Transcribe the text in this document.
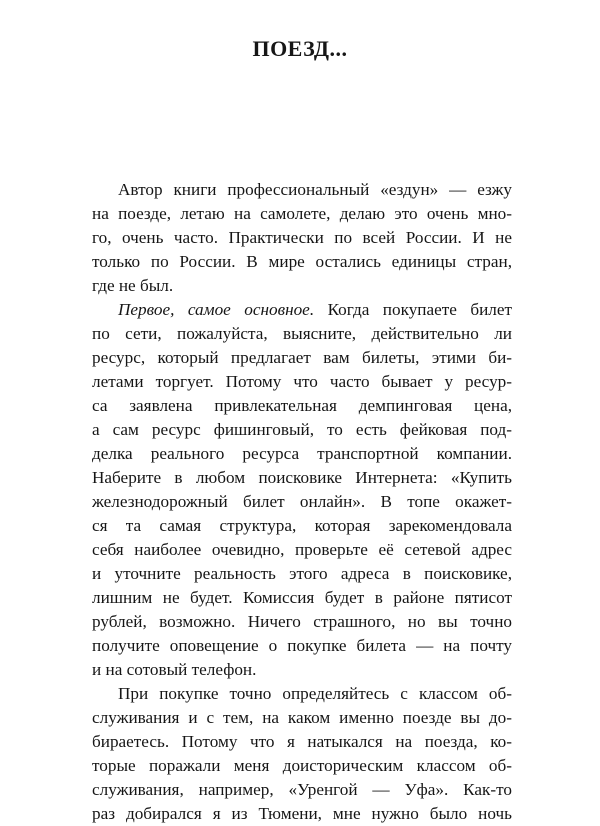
ПОЕЗД...
Автор книги профессиональный «ездун» — езжу
на поезде, летаю на самолете, делаю это очень мно-
го, очень часто. Практически по всей России. И не
только по России. В мире остались единицы стран,
где не был.
Первое, самое основное. Когда покупаете билет
по сети, пожалуйста, выясните, действительно ли
ресурс, который предлагает вам билеты, этими би-
летами торгует. Потому что часто бывает у ресур-
са заявлена привлекательная демпинговая цена,
а сам ресурс фишинговый, то есть фейковая под-
делка реального ресурса транспортной компании.
Наберите в любом поисковике Интернета: «Купить
железнодорожный билет онлайн». В топе окажет-
ся та самая структура, которая зарекомендовала
себя наиболее очевидно, проверьте её сетевой адрес
и уточните реальность этого адреса в поисковике,
лишним не будет. Комиссия будет в районе пятисот
рублей, возможно. Ничего страшного, но вы точно
получите оповещение о покупке билета — на почту
и на сотовый телефон.
При покупке точно определяйтесь с классом об-
служивания и с тем, на каком именно поезде вы до-
бираетесь. Потому что я натыкался на поезда, ко-
торые поражали меня доисторическим классом об-
служивания, например, «Уренгой — Уфа». Как-то
раз добирался я из Тюмени, мне нужно было ночь
